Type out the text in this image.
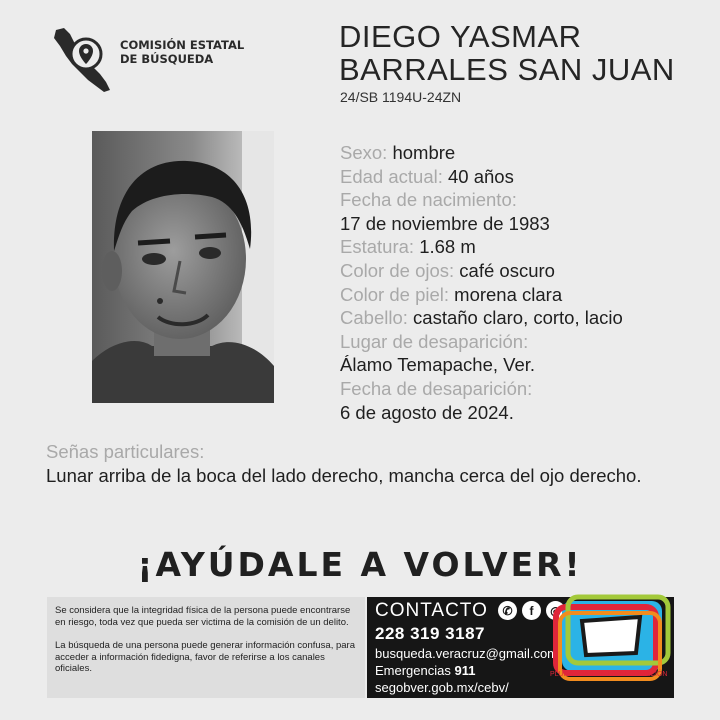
COMISIÓN ESTATAL
DE BÚSQUEDA
DIEGO YASMAR
BARRALES SAN JUAN
24/SB 1194U-24ZN
Sexo: hombre
Edad actual: 40 años
Fecha de nacimiento:
17 de noviembre de 1983
Estatura: 1.68 m
Color de ojos: café oscuro
Color de piel: morena clara
Cabello: castaño claro, corto, lacio
Lugar de desaparición:
Álamo Temapache, Ver.
Fecha de desaparición:
6 de agosto de 2024.
Señas particulares:
Lunar arriba de la boca del lado derecho, mancha cerca del ojo derecho.
¡AYÚDALE A VOLVER!

Se considera que la integridad física de la persona puede encontrarse en riesgo, toda vez que pueda ser victima de la comisión de un delito.

La búsqueda de una persona puede generar información confusa, para acceder a información fidedigna, favor de referirse a los canales oficiales.

CONTACTO	✆	f	◎
228 319 3187
busqueda.veracruz@gmail.com
Emergencias 911
segobver.gob.mx/cebv/
PLURALIDAD EN LA INFORMACIÓN
